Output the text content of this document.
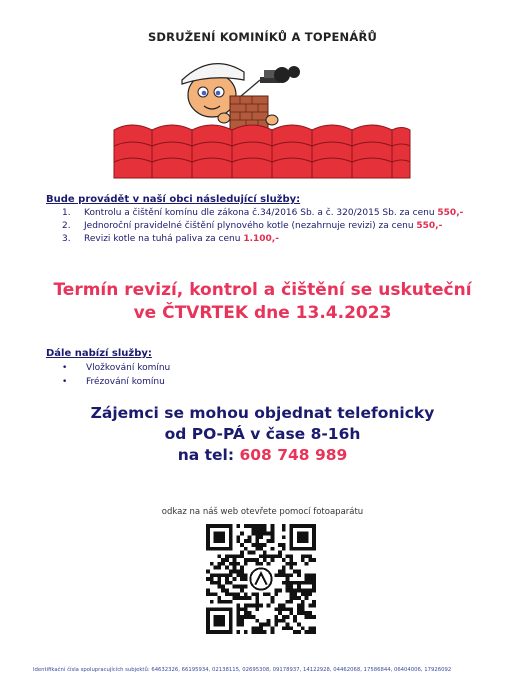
SDRUŽENÍ KOMINÍKŮ A TOPENÁŘŮ
Bude provádět v naší obci následující služby:
1. Kontrolu a čištění komínu dle zákona č.34/2016 Sb. a č. 320/2015 Sb. za cenu 550,-
2. Jednoroční pravidelné čištění plynového kotle (nezahrnuje revizi) za cenu 550,-
3. Revizi kotle na tuhá paliva za cenu 1.100,-
Termín revizí, kontrol a čištění se uskuteční
ve ČTVRTEK dne 13.4.2023
Dále nabízí služby:
• Vložkování komínu
• Frézování komínu
Zájemci se mohou objednat telefonicky
od PO-PÁ v čase 8-16h
na tel: 608 748 989
odkaz na náš web otevřete pomocí fotoaparátu
Identifikační čísla spolupracujících subjektů: 64632326, 66195934, 02138115, 02695308, 09178937, 14122928, 04462068, 17586844, 06404006, 17926092
